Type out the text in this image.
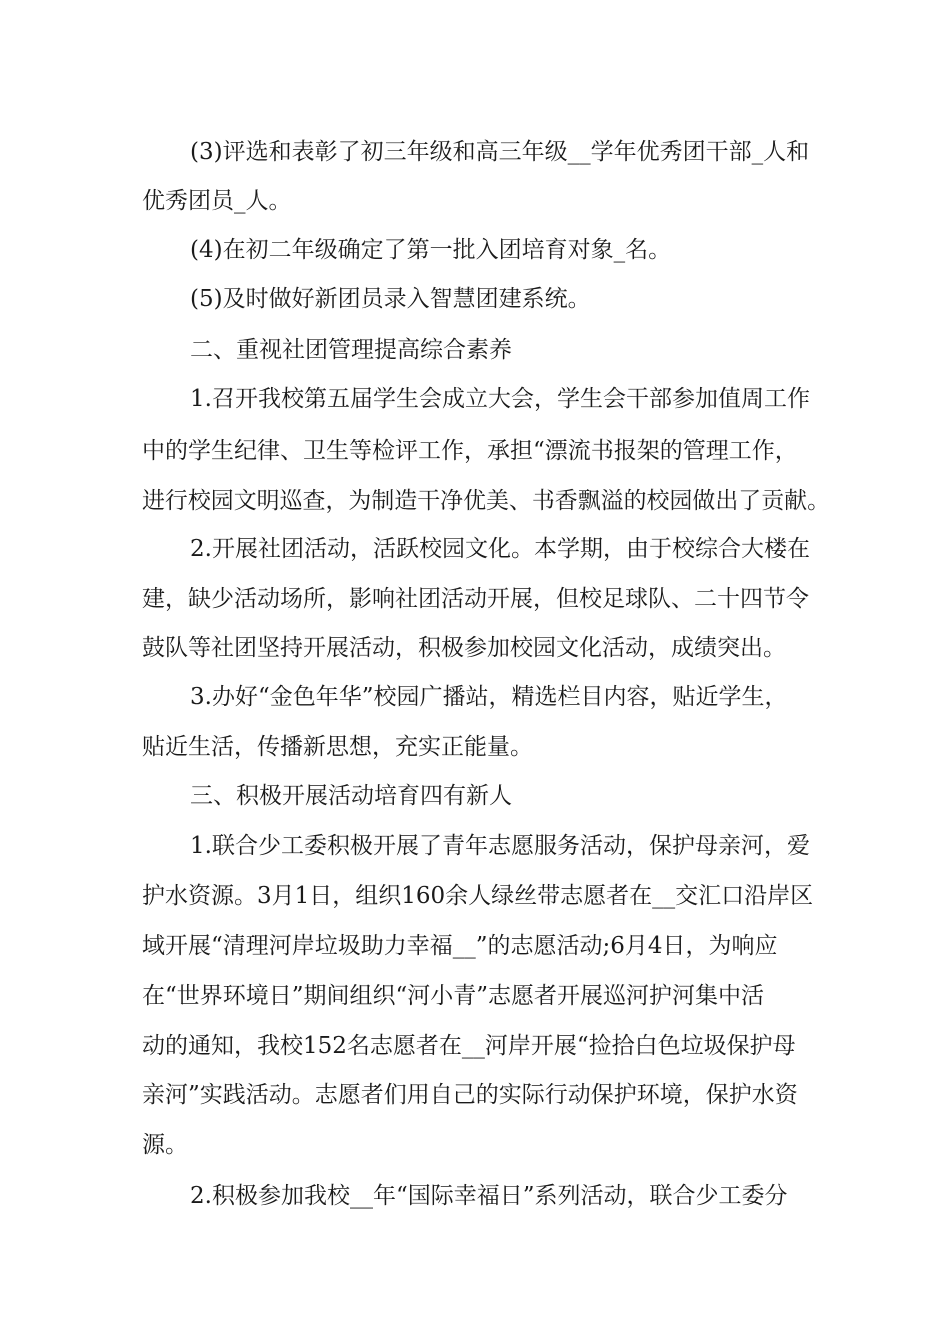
(3)评选和表彰了初三年级和高三年级__学年优秀团干部_人和
优秀团员_人。
(4)在初二年级确定了第一批入团培育对象_名。
(5)及时做好新团员录入智慧团建系统。
二、重视社团管理提高综合素养
1.召开我校第五届学生会成立大会，学生会干部参加值周工作
中的学生纪律、卫生等检评工作，承担“漂流书报架的管理工作，
进行校园文明巡查，为制造干净优美、书香飘溢的校园做出了贡献。
2.开展社团活动，活跃校园文化。本学期，由于校综合大楼在
建，缺少活动场所，影响社团活动开展，但校足球队、二十四节令
鼓队等社团坚持开展活动，积极参加校园文化活动，成绩突出。
3.办好“金色年华”校园广播站，精选栏目内容，贴近学生，
贴近生活，传播新思想，充实正能量。
三、积极开展活动培育四有新人
1.联合少工委积极开展了青年志愿服务活动，保护母亲河，爱
护水资源。3月1日，组织160余人绿丝带志愿者在__交汇口沿岸区
域开展“清理河岸垃圾助力幸福__”的志愿活动;6月4日，为响应
在“世界环境日”期间组织“河小青”志愿者开展巡河护河集中活
动的通知，我校152名志愿者在__河岸开展“捡拾白色垃圾保护母
亲河”实践活动。志愿者们用自己的实际行动保护环境，保护水资
源。
2.积极参加我校__年“国际幸福日”系列活动，联合少工委分
